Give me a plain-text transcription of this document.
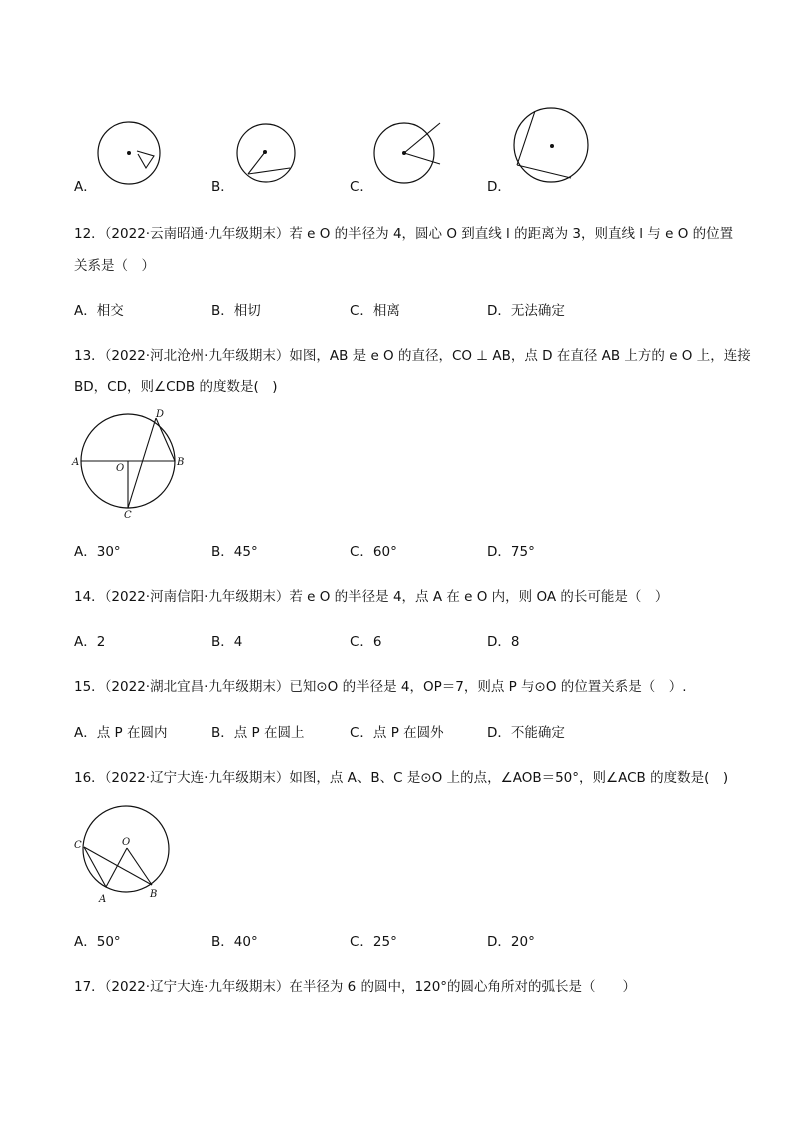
A．	B．	C．	D．
12．（2022·云南昭通·九年级期末）若 e O 的半径为 4，圆心 O 到直线 l 的距离为 3，则直线 l 与 e O 的位置
关系是（　）
A．相交	B．相切	C．相离	D．无法确定
13．（2022·河北沧州·九年级期末）如图，AB 是 e O 的直径，CO ⊥ AB，点 D 在直径 AB 上方的 e O 上，连接
BD，CD，则∠CDB 的度数是(　)
A	B
O
C
D
A．30°	B．45°	C．60°	D．75°
14．（2022·河南信阳·九年级期末）若 e O 的半径是 4，点 A 在 e O 内，则 OA 的长可能是（　）
A．2	B．4	C．6	D．8
15．（2022·湖北宜昌·九年级期末）已知⊙O 的半径是 4，OP＝7，则点 P 与⊙O 的位置关系是（　）.
A．点 P 在圆内	B．点 P 在圆上	C．点 P 在圆外	D．不能确定
16．（2022·辽宁大连·九年级期末）如图，点 A、B、C 是⊙O 上的点，∠AOB＝50°，则∠ACB 的度数是(　)
C	O
A	B
A．50°	B．40°	C．25°	D．20°
17．（2022·辽宁大连·九年级期末）在半径为 6 的圆中，120°的圆心角所对的弧长是（　　）
